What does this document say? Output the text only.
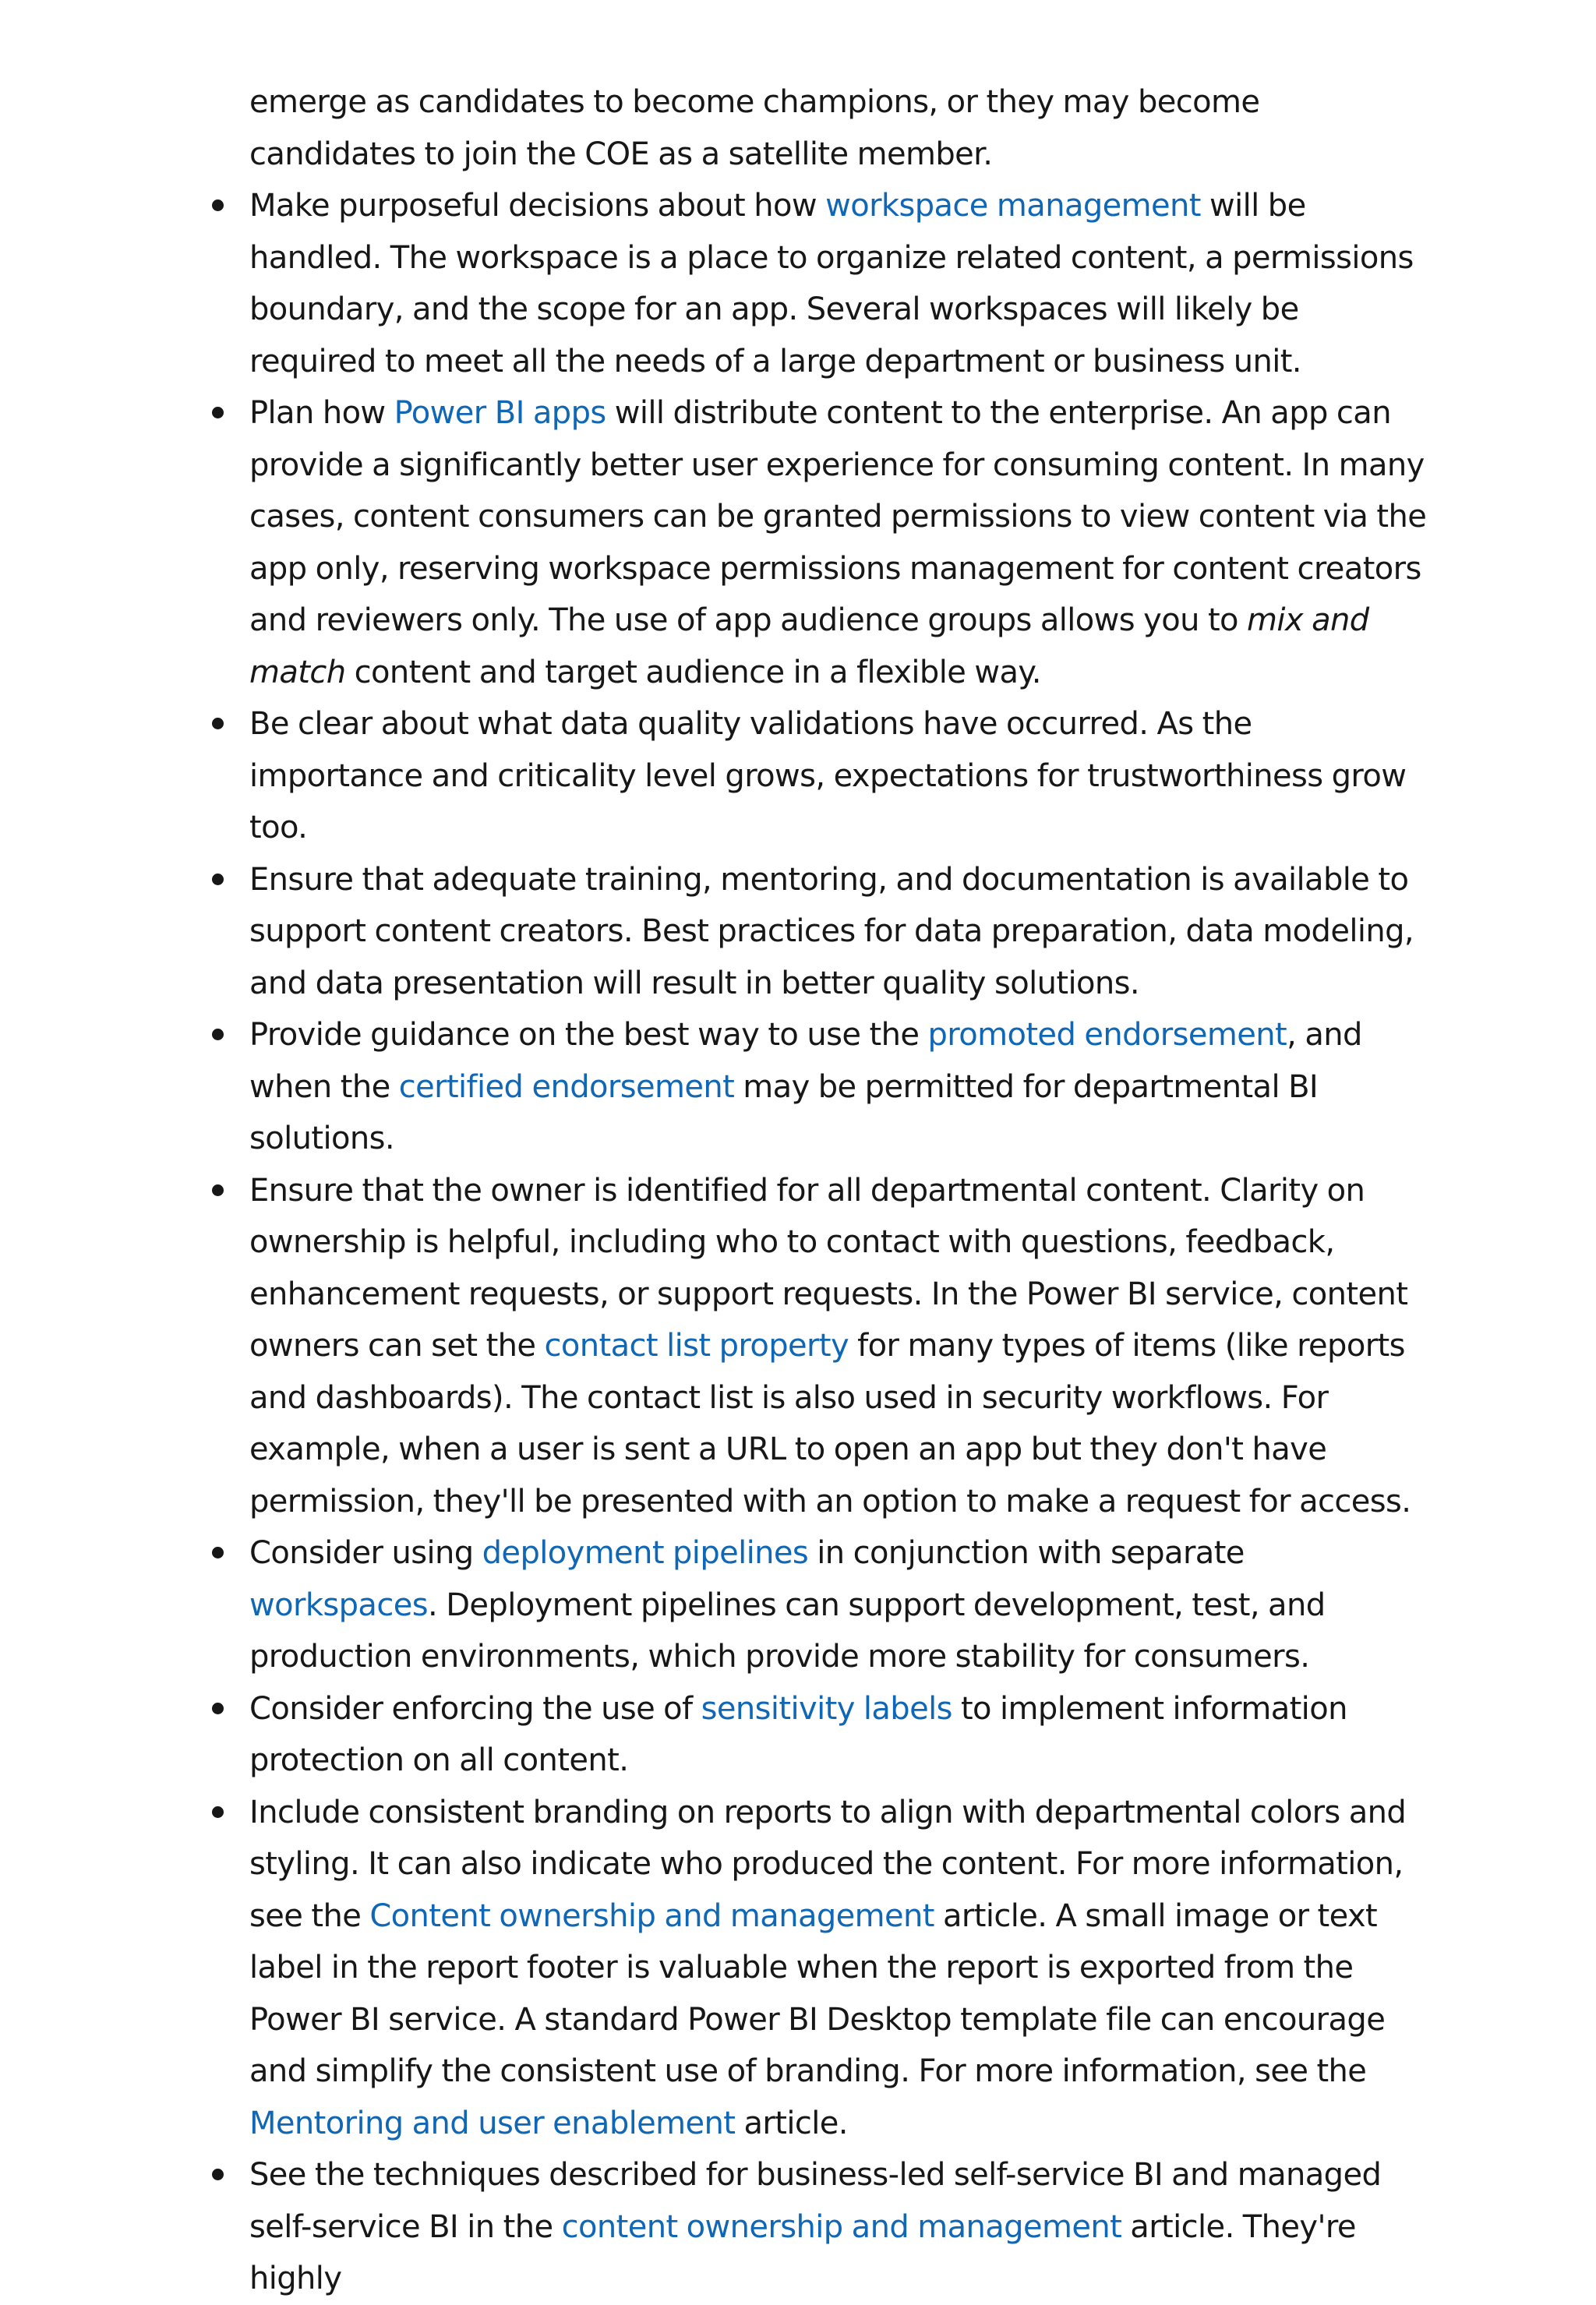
emerge as candidates to become champions, or they may become candidates to join the COE as a satellite member.

Make purposeful decisions about how workspace management will be handled. The workspace is a place to organize related content, a permissions boundary, and the scope for an app. Several workspaces will likely be required to meet all the needs of a large department or business unit.
Plan how Power BI apps will distribute content to the enterprise. An app can provide a significantly better user experience for consuming content. In many cases, content consumers can be granted permissions to view content via the app only, reserving workspace permissions management for content creators and reviewers only. The use of app audience groups allows you to mix and match content and target audience in a flexible way.
Be clear about what data quality validations have occurred. As the importance and criticality level grows, expectations for trustworthiness grow too.
Ensure that adequate training, mentoring, and documentation is available to support content creators. Best practices for data preparation, data modeling, and data presentation will result in better quality solutions.
Provide guidance on the best way to use the promoted endorsement, and when the certified endorsement may be permitted for departmental BI solutions.
Ensure that the owner is identified for all departmental content. Clarity on ownership is helpful, including who to contact with questions, feedback, enhancement requests, or support requests. In the Power BI service, content owners can set the contact list property for many types of items (like reports and dashboards). The contact list is also used in security workflows. For example, when a user is sent a URL to open an app but they don't have permission, they'll be presented with an option to make a request for access.
Consider using deployment pipelines in conjunction with separate workspaces. Deployment pipelines can support development, test, and production environments, which provide more stability for consumers.
Consider enforcing the use of sensitivity labels to implement information protection on all content.
Include consistent branding on reports to align with departmental colors and styling. It can also indicate who produced the content. For more information, see the Content ownership and management article. A small image or text label in the report footer is valuable when the report is exported from the Power BI service. A standard Power BI Desktop template file can encourage and simplify the consistent use of branding. For more information, see the Mentoring and user enablement article.
See the techniques described for business-led self-service BI and managed self-service BI in the content ownership and management article. They're highly
